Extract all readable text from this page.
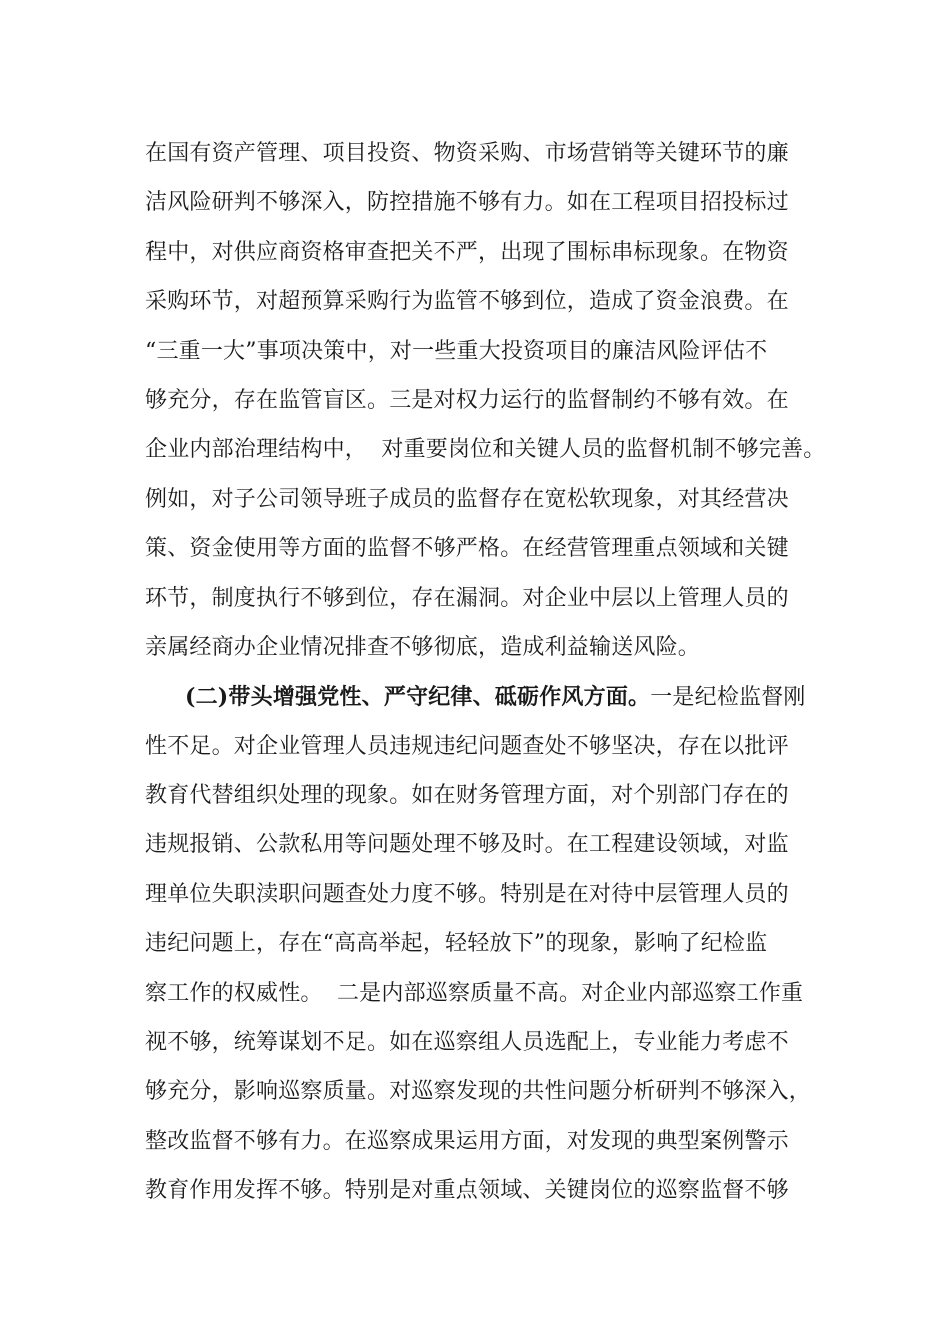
在国有资产管理、项目投资、物资采购、市场营销等关键环节的廉
洁风险研判不够深入，防控措施不够有力。如在工程项目招投标过
程中，对供应商资格审查把关不严，出现了围标串标现象。在物资
采购环节，对超预算采购行为监管不够到位，造成了资金浪费。在
“三重一大”事项决策中，对一些重大投资项目的廉洁风险评估不
够充分，存在监管盲区。三是对权力运行的监督制约不够有效。在
企业内部治理结构中，  对重要岗位和关键人员的监督机制不够完善。
例如，对子公司领导班子成员的监督存在宽松软现象，对其经营决
策、资金使用等方面的监督不够严格。在经营管理重点领域和关键
环节，制度执行不够到位，存在漏洞。对企业中层以上管理人员的
亲属经商办企业情况排查不够彻底，造成利益输送风险。
(二)带头增强党性、严守纪律、砥砺作风方面。一是纪检监督刚
性不足。对企业管理人员违规违纪问题查处不够坚决，存在以批评
教育代替组织处理的现象。如在财务管理方面，对个别部门存在的
违规报销、公款私用等问题处理不够及时。在工程建设领域，对监
理单位失职渎职问题查处力度不够。特别是在对待中层管理人员的
违纪问题上，存在“高高举起，轻轻放下”的现象，影响了纪检监
察工作的权威性。  二是内部巡察质量不高。对企业内部巡察工作重
视不够，统筹谋划不足。如在巡察组人员选配上，专业能力考虑不
够充分，影响巡察质量。对巡察发现的共性问题分析研判不够深入，
整改监督不够有力。在巡察成果运用方面，对发现的典型案例警示
教育作用发挥不够。特别是对重点领域、关键岗位的巡察监督不够
